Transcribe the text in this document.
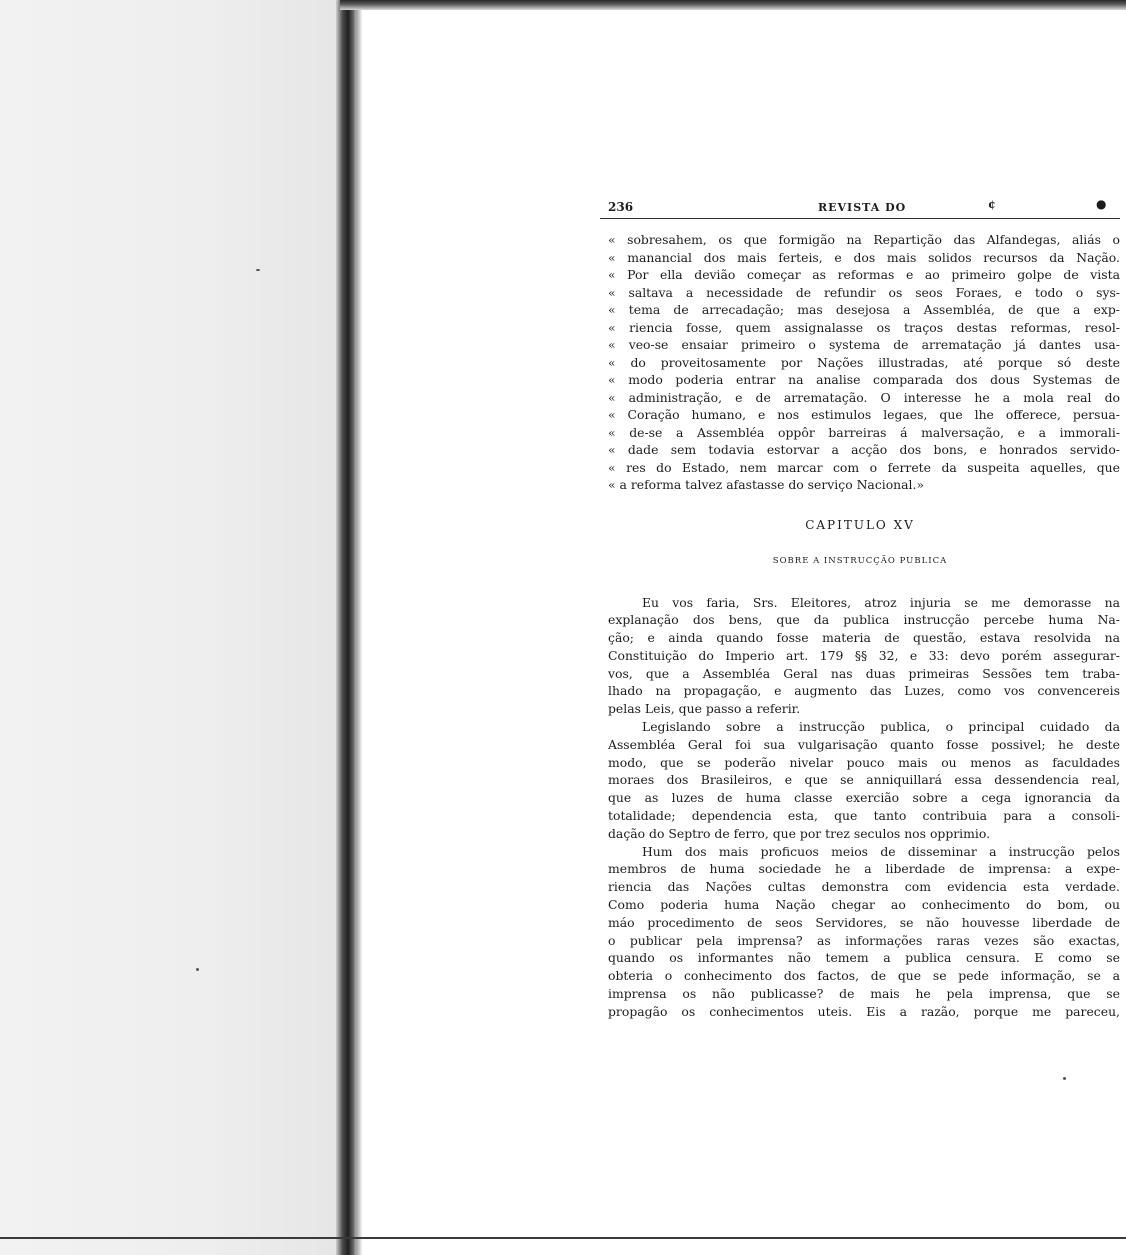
236	REVISTA DO	¢	●
« sobresahem, os que formigão na Repartição das Alfandegas, aliás o
« manancial dos mais ferteis, e dos mais solidos recursos da Nação.
« Por ella devião começar as reformas e ao primeiro golpe de vista
« saltava a necessidade de refundir os seos Foraes, e todo o sys-
« tema de arrecadação; mas desejosa a Assembléa, de que a exp-
« riencia fosse, quem assignalasse os traços destas reformas, resol-
« veo-se ensaiar primeiro o systema de arrematação já dantes usa-
« do proveitosamente por Nações illustradas, até porque só deste
« modo poderia entrar na analise comparada dos dous Systemas de
« administração, e de arrematação. O interesse he a mola real do
« Coração humano, e nos estimulos legaes, que lhe offerece, persua-
« de-se a Assembléa oppôr barreiras á malversação, e a immorali-
« dade sem todavia estorvar a acção dos bons, e honrados servido-
« res do Estado, nem marcar com o ferrete da suspeita aquelles, que
« a reforma talvez afastasse do serviço Nacional.»
CAPITULO XV
SOBRE A INSTRUCÇÃO PUBLICA
Eu vos faria, Srs. Eleitores, atroz injuria se me demorasse na
explanação dos bens, que da publica instrucção percebe huma Na-
ção; e ainda quando fosse materia de questão, estava resolvida na
Constituição do Imperio art. 179 §§ 32, e 33: devo porém assegurar-
vos, que a Assembléa Geral nas duas primeiras Sessões tem traba-
lhado na propagação, e augmento das Luzes, como vos convencereis
pelas Leis, que passo a referir.
Legislando sobre a instrucção publica, o principal cuidado da
Assembléa Geral foi sua vulgarisação quanto fosse possivel; he deste
modo, que se poderão nivelar pouco mais ou menos as faculdades
moraes dos Brasileiros, e que se anniquillará essa dessendencia real,
que as luzes de huma classe exercião sobre a cega ignorancia da
totalidade; dependencia esta, que tanto contribuia para a consoli-
dação do Septro de ferro, que por trez seculos nos opprimio.
Hum dos mais proficuos meios de disseminar a instrucção pelos
membros de huma sociedade he a liberdade de imprensa: a expe-
riencia das Nações cultas demonstra com evidencia esta verdade.
Como poderia huma Nação chegar ao conhecimento do bom, ou
máo procedimento de seos Servidores, se não houvesse liberdade de
o publicar pela imprensa? as informações raras vezes são exactas,
quando os informantes não temem a publica censura. E como se
obteria o conhecimento dos factos, de que se pede informação, se a
imprensa os não publicasse? de mais he pela imprensa, que se
propagão os conhecimentos uteis. Eis a razão, porque me pareceu,
